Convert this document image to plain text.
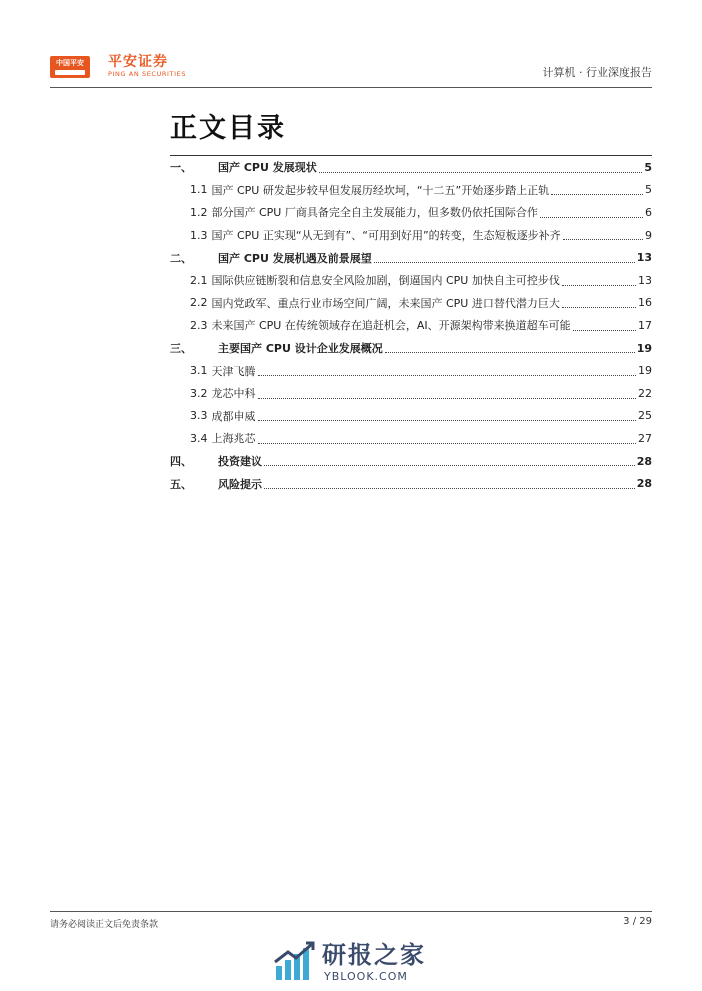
中国平安	平安证券
PING AN SECURITIES	计算机 · 行业深度报告
正文目录
一、	国产 CPU 发展现状	5
1.1 国产 CPU 研发起步较早但发展历经坎坷，“十二五”开始逐步踏上正轨	5
1.2 部分国产 CPU 厂商具备完全自主发展能力，但多数仍依托国际合作	6
1.3 国产 CPU 正实现“从无到有”、“可用到好用”的转变，生态短板逐步补齐	9
二、	国产 CPU 发展机遇及前景展望	13
2.1 国际供应链断裂和信息安全风险加剧，倒逼国内 CPU 加快自主可控步伐	13
2.2 国内党政军、重点行业市场空间广阔，未来国产 CPU 进口替代潜力巨大	16
2.3 未来国产 CPU 在传统领域存在追赶机会，AI、开源架构带来换道超车可能	17
三、	主要国产 CPU 设计企业发展概况	19
3.1 天津飞腾	19
3.2 龙芯中科	22
3.3 成都申威	25
3.4 上海兆芯	27
四、	投资建议	28
五、	风险提示	28
请务必阅读正文后免责条款	3 / 29
研报之家
YBLOOK.COM
